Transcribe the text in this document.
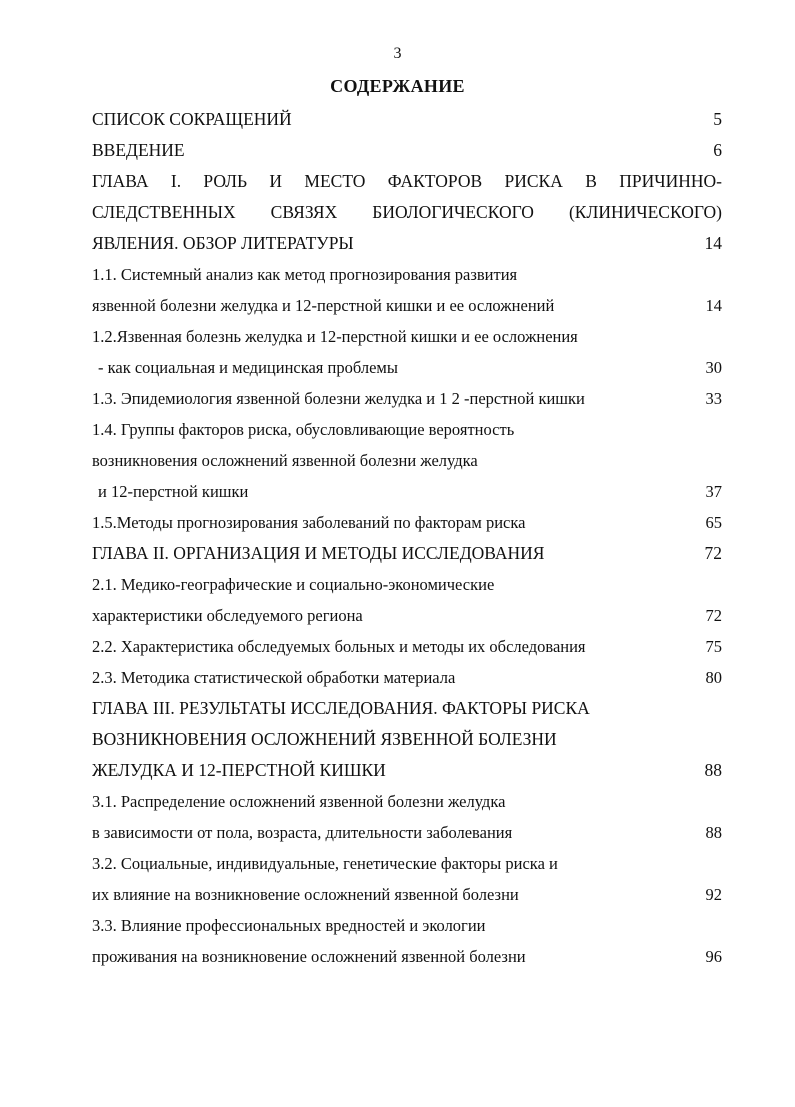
3
СОДЕРЖАНИЕ
СПИСОК СОКРАЩЕНИЙ	5
ВВЕДЕНИЕ	6
ГЛАВА I. РОЛЬ И МЕСТО ФАКТОРОВ РИСКА В ПРИЧИННО-
СЛЕДСТВЕННЫХ СВЯЗЯХ БИОЛОГИЧЕСКОГО (КЛИНИЧЕСКОГО)
ЯВЛЕНИЯ. ОБЗОР ЛИТЕРАТУРЫ	14
1.1. Системный анализ как метод прогнозирования развития
язвенной болезни желудка и 12-перстной кишки и ее осложнений	14
1.2.Язвенная болезнь желудка и 12-перстной кишки и ее осложнения
- как социальная и медицинская проблемы	30
1.3. Эпидемиология язвенной болезни желудка и 1 2 -перстной кишки	33
1.4. Группы факторов риска, обусловливающие вероятность
возникновения осложнений язвенной болезни желудка
и 12-перстной кишки	37
1.5.Методы прогнозирования заболеваний по факторам риска	65
ГЛАВА II. ОРГАНИЗАЦИЯ И МЕТОДЫ ИССЛЕДОВАНИЯ	72
2.1. Медико-географические и социально-экономические
характеристики обследуемого региона	72
2.2. Характеристика обследуемых больных и методы их обследования	75
2.3. Методика статистической обработки материала	80
ГЛАВА III. РЕЗУЛЬТАТЫ ИССЛЕДОВАНИЯ. ФАКТОРЫ РИСКА
ВОЗНИКНОВЕНИЯ ОСЛОЖНЕНИЙ ЯЗВЕННОЙ БОЛЕЗНИ
ЖЕЛУДКА И 12-ПЕРСТНОЙ КИШКИ	88
3.1. Распределение осложнений язвенной болезни желудка
в зависимости от пола, возраста, длительности заболевания	88
3.2. Социальные, индивидуальные, генетические факторы риска и
их влияние на возникновение осложнений язвенной болезни	92
3.3. Влияние профессиональных вредностей и экологии
проживания на возникновение осложнений язвенной болезни	96
